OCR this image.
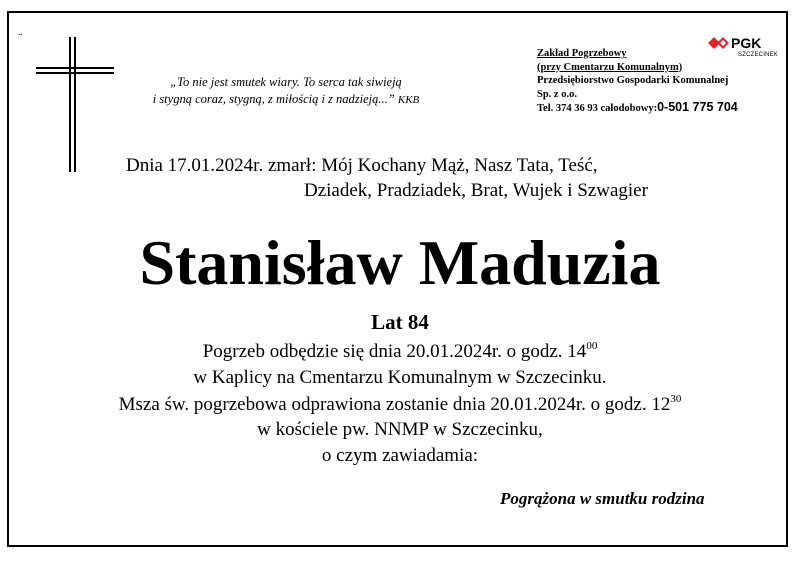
..
„To nie jest smutek wiary. To serca tak siwieją
i stygną coraz, stygną, z miłością i z nadzieją...” KKB
Zakład Pogrzebowy
(przy Cmentarzu Komunalnym)
Przedsiębiorstwo Gospodarki Komunalnej
Sp. z o.o.
Tel. 374 36 93 całodobowy:0-501 775 704
PGK
SZCZECINEK
Dnia 17.01.2024r. zmarł: Mój Kochany Mąż, Nasz Tata, Teść,
Dziadek, Pradziadek, Brat, Wujek i Szwagier
Stanisław Maduzia
Lat 84
Pogrzeb odbędzie się dnia 20.01.2024r. o godz. $14^{00}$
w Kaplicy na Cmentarzu Komunalnym w Szczecinku.
Msza św. pogrzebowa odprawiona zostanie dnia 20.01.2024r. o godz. $12^{30}$
w kościele pw. NNMP w Szczecinku,
o czym zawiadamia:
Pogrążona w smutku rodzina
